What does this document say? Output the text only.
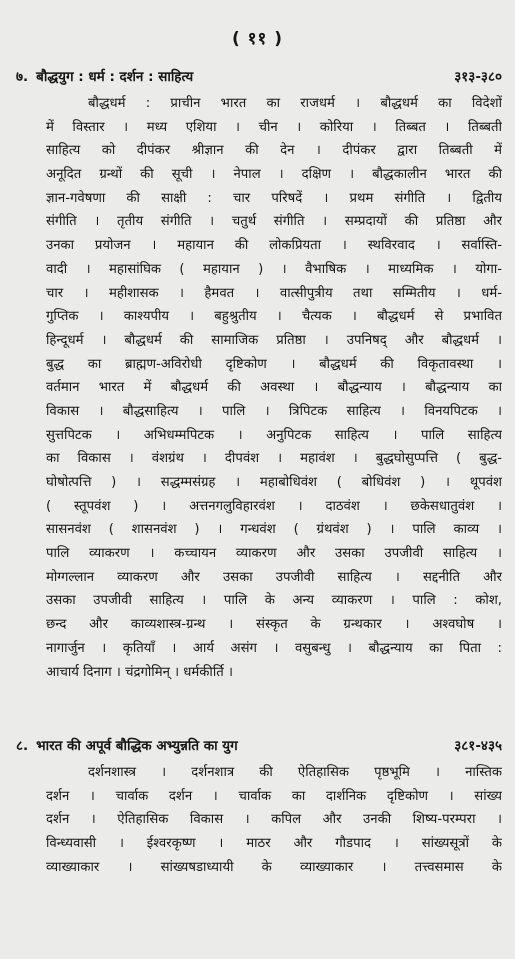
( ११ )
७. बौद्धयुग : धर्म : दर्शन : साहित्य	३१३-३८०
बौद्धधर्म : प्राचीन भारत का राजधर्म । बौद्धधर्म का विदेशों
में विस्तार । मध्य एशिया । चीन । कोरिया । तिब्बत । तिब्बती
साहित्य को दीपंकर श्रीज्ञान की देन । दीपंकर द्वारा तिब्बती में
अनूदित ग्रन्थों की सूची । नेपाल । दक्षिण । बौद्धकालीन भारत की
ज्ञान-गवेषणा की साक्षी : चार परिषदें । प्रथम संगीति । द्वितीय
संगीति । तृतीय संगीति । चतुर्थ संगीति । सम्प्रदायों की प्रतिष्ठा और
उनका प्रयोजन । महायान की लोकप्रियता । स्थविरवाद । सर्वास्ति-
वादी । महासांघिक ( महायान ) । वैभाषिक । माध्यमिक । योगा-
चार । महीशासक । हैमवत । वात्सीपुत्रीय तथा सम्मितीय । धर्म-
गुप्तिक । काश्यपीय । बहुश्रुतीय । चैत्यक । बौद्धधर्म से प्रभावित
हिन्दूधर्म । बौद्धधर्म की सामाजिक प्रतिष्ठा । उपनिषद् और बौद्धधर्म ।
बुद्ध का ब्राह्मण-अविरोधी दृष्टिकोण । बौद्धधर्म की विकृतावस्था ।
वर्तमान भारत में बौद्धधर्म की अवस्था । बौद्धन्याय । बौद्धन्याय का
विकास । बौद्धसाहित्य । पालि । त्रिपिटक साहित्य । विनयपिटक ।
सुत्तपिटक । अभिधम्मपिटक । अनुपिटक साहित्य । पालि साहित्य
का विकास । वंशग्रंथ । दीपवंश । महावंश । बुद्धघोसुप्पत्ति ( बुद्ध-
घोषोत्पत्ति ) । सद्धम्मसंग्रह । महाबोधिवंश ( बोधिवंश ) । थूपवंश
( स्तूपवंश ) । अत्तनगलुविहारवंश । दाठवंश । छकेसधातुवंश ।
सासनवंश ( शासनवंश ) । गन्धवंश ( ग्रंथवंश ) । पालि काव्य ।
पालि व्याकरण । कच्चायन व्याकरण और उसका उपजीवी साहित्य ।
मोग्गल्लान व्याकरण और उसका उपजीवी साहित्य । सद्दनीति और
उसका उपजीवी साहित्य । पालि के अन्य व्याकरण । पालि : कोश,
छन्द और काव्यशास्त्र-ग्रन्थ । संस्कृत के ग्रन्थकार । अश्वघोष ।
नागार्जुन । कृतियाँ । आर्य असंग । वसुबन्धु । बौद्धन्याय का पिता :
आचार्य दिनाग । चंद्रगोमिन् । धर्मकीर्ति ।
८. भारत की अपूर्व बौद्धिक अभ्युन्नति का युग	३८१-४३५
दर्शनशास्त्र । दर्शनशात्र की ऐतिहासिक पृष्ठभूमि । नास्तिक
दर्शन । चार्वाक दर्शन । चार्वाक का दार्शनिक दृष्टिकोण । सांख्य
दर्शन । ऐतिहासिक विकास । कपिल और उनकी शिष्य-परम्परा ।
विन्ध्यवासी । ईश्वरकृष्ण । माठर और गौडपाद । सांख्यसूत्रों के
व्याख्याकार । सांख्यषडाध्यायी के व्याख्याकार । तत्त्वसमास के
